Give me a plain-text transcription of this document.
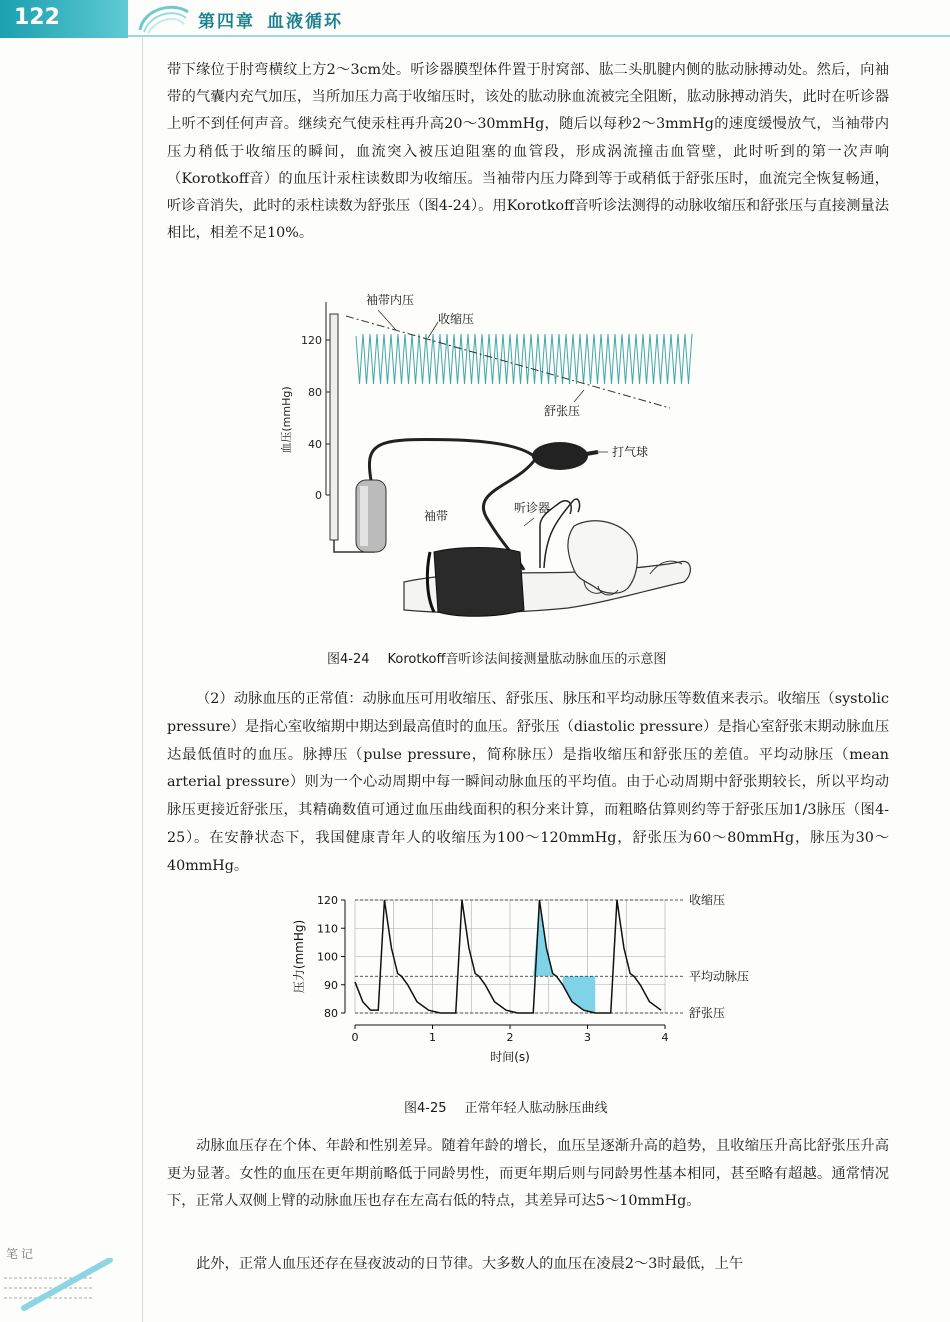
122	第四章 血液循环

带下缘位于肘弯横纹上方2～3cm处。听诊器膜型体件置于肘窝部、肱二头肌腱内侧的肱动脉搏动处。然后，向袖带的气囊内充气加压，当所加压力高于收缩压时，该处的肱动脉血流被完全阻断，肱动脉搏动消失，此时在听诊器上听不到任何声音。继续充气使汞柱再升高20～30mmHg，随后以每秒2～3mmHg的速度缓慢放气，当袖带内压力稍低于收缩压的瞬间，血流突入被压迫阻塞的血管段，形成涡流撞击血管壁，此时听到的第一次声响（Korotkoff音）的血压计汞柱读数即为收缩压。当袖带内压力降到等于或稍低于舒张压时，血流完全恢复畅通，听诊音消失，此时的汞柱读数为舒张压（图4-24）。用Korotkoff音听诊法测得的动脉收缩压和舒张压与直接测量法相比，相差不足10%。

120
80
40
0
血压(mmHg)
袖带内压
收缩压
舒张压
打气球
袖带
听诊器
图4-24 Korotkoff音听诊法间接测量肱动脉血压的示意图

（2）动脉血压的正常值：动脉血压可用收缩压、舒张压、脉压和平均动脉压等数值来表示。收缩压（systolic pressure）是指心室收缩期中期达到最高值时的血压。舒张压（diastolic pressure）是指心室舒张末期动脉血压达最低值时的血压。脉搏压（pulse pressure，简称脉压）是指收缩压和舒张压的差值。平均动脉压（mean arterial pressure）则为一个心动周期中每一瞬间动脉血压的平均值。由于心动周期中舒张期较长，所以平均动脉压更接近舒张压，其精确数值可通过血压曲线面积的积分来计算，而粗略估算则约等于舒张压加1/3脉压（图4-25）。在安静状态下，我国健康青年人的收缩压为100～120mmHg，舒张压为60～80mmHg，脉压为30～40mmHg。

收缩压
平均动脉压
舒张压
120
110
100
90
80
0	1	2	3	4
时间(s)
压力(mmHg)
图4-25 正常年轻人肱动脉压曲线

动脉血压存在个体、年龄和性别差异。随着年龄的增长，血压呈逐渐升高的趋势，且收缩压升高比舒张压升高更为显著。女性的血压在更年期前略低于同龄男性，而更年期后则与同龄男性基本相同，甚至略有超越。通常情况下，正常人双侧上臂的动脉血压也存在左高右低的特点，其差异可达5～10mmHg。

此外，正常人血压还存在昼夜波动的日节律。大多数人的血压在凌晨2～3时最低，上午

笔记
